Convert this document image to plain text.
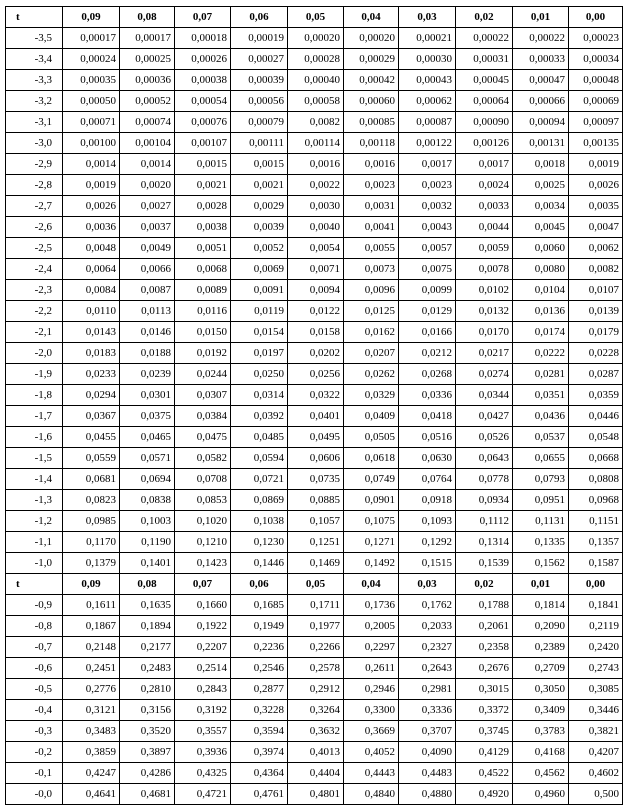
t	0,09	0,08	0,07	0,06	0,05	0,04	0,03	0,02	0,01	0,00
-3,5	0,00017	0,00017	0,00018	0,00019	0,00020	0,00020	0,00021	0,00022	0,00022	0,00023
-3,4	0,00024	0,00025	0,00026	0,00027	0,00028	0,00029	0,00030	0,00031	0,00033	0,00034
-3,3	0,00035	0,00036	0,00038	0,00039	0,00040	0,00042	0,00043	0,00045	0,00047	0,00048
-3,2	0,00050	0,00052	0,00054	0,00056	0,00058	0,00060	0,00062	0,00064	0,00066	0,00069
-3,1	0,00071	0,00074	0,00076	0,00079	0,0082	0,00085	0,00087	0,00090	0,00094	0,00097
-3,0	0,00100	0,00104	0,00107	0,00111	0,00114	0,00118	0,00122	0,00126	0,00131	0,00135
-2,9	0,0014	0,0014	0,0015	0,0015	0,0016	0,0016	0,0017	0,0017	0,0018	0,0019
-2,8	0,0019	0,0020	0,0021	0,0021	0,0022	0,0023	0,0023	0,0024	0,0025	0,0026
-2,7	0,0026	0,0027	0,0028	0,0029	0,0030	0,0031	0,0032	0,0033	0,0034	0,0035
-2,6	0,0036	0,0037	0,0038	0,0039	0,0040	0,0041	0,0043	0,0044	0,0045	0,0047
-2,5	0,0048	0,0049	0,0051	0,0052	0,0054	0,0055	0,0057	0,0059	0,0060	0,0062
-2,4	0,0064	0,0066	0,0068	0,0069	0,0071	0,0073	0,0075	0,0078	0,0080	0,0082
-2,3	0,0084	0,0087	0,0089	0,0091	0,0094	0,0096	0,0099	0,0102	0,0104	0,0107
-2,2	0,0110	0,0113	0,0116	0,0119	0,0122	0,0125	0,0129	0,0132	0,0136	0,0139
-2,1	0,0143	0,0146	0,0150	0,0154	0,0158	0,0162	0,0166	0,0170	0,0174	0,0179
-2,0	0,0183	0,0188	0,0192	0,0197	0,0202	0,0207	0,0212	0,0217	0,0222	0,0228
-1,9	0,0233	0,0239	0,0244	0,0250	0,0256	0,0262	0,0268	0,0274	0,0281	0,0287
-1,8	0,0294	0,0301	0,0307	0,0314	0,0322	0,0329	0,0336	0,0344	0,0351	0,0359
-1,7	0,0367	0,0375	0,0384	0,0392	0,0401	0,0409	0,0418	0,0427	0,0436	0,0446
-1,6	0,0455	0,0465	0,0475	0,0485	0,0495	0,0505	0,0516	0,0526	0,0537	0,0548
-1,5	0,0559	0,0571	0,0582	0,0594	0,0606	0,0618	0,0630	0,0643	0,0655	0,0668
-1,4	0,0681	0,0694	0,0708	0,0721	0,0735	0,0749	0,0764	0,0778	0,0793	0,0808
-1,3	0,0823	0,0838	0,0853	0,0869	0,0885	0,0901	0,0918	0,0934	0,0951	0,0968
-1,2	0,0985	0,1003	0,1020	0,1038	0,1057	0,1075	0,1093	0,1112	0,1131	0,1151
-1,1	0,1170	0,1190	0,1210	0,1230	0,1251	0,1271	0,1292	0,1314	0,1335	0,1357
-1,0	0,1379	0,1401	0,1423	0,1446	0,1469	0,1492	0,1515	0,1539	0,1562	0,1587
t	0,09	0,08	0,07	0,06	0,05	0,04	0,03	0,02	0,01	0,00
-0,9	0,1611	0,1635	0,1660	0,1685	0,1711	0,1736	0,1762	0,1788	0,1814	0,1841
-0,8	0,1867	0,1894	0,1922	0,1949	0,1977	0,2005	0,2033	0,2061	0,2090	0,2119
-0,7	0,2148	0,2177	0,2207	0,2236	0,2266	0,2297	0,2327	0,2358	0,2389	0,2420
-0,6	0,2451	0,2483	0,2514	0,2546	0,2578	0,2611	0,2643	0,2676	0,2709	0,2743
-0,5	0,2776	0,2810	0,2843	0,2877	0,2912	0,2946	0,2981	0,3015	0,3050	0,3085
-0,4	0,3121	0,3156	0,3192	0,3228	0,3264	0,3300	0,3336	0,3372	0,3409	0,3446
-0,3	0,3483	0,3520	0,3557	0,3594	0,3632	0,3669	0,3707	0,3745	0,3783	0,3821
-0,2	0,3859	0,3897	0,3936	0,3974	0,4013	0,4052	0,4090	0,4129	0,4168	0,4207
-0,1	0,4247	0,4286	0,4325	0,4364	0,4404	0,4443	0,4483	0,4522	0,4562	0,4602
-0,0	0,4641	0,4681	0,4721	0,4761	0,4801	0,4840	0,4880	0,4920	0,4960	0,500
